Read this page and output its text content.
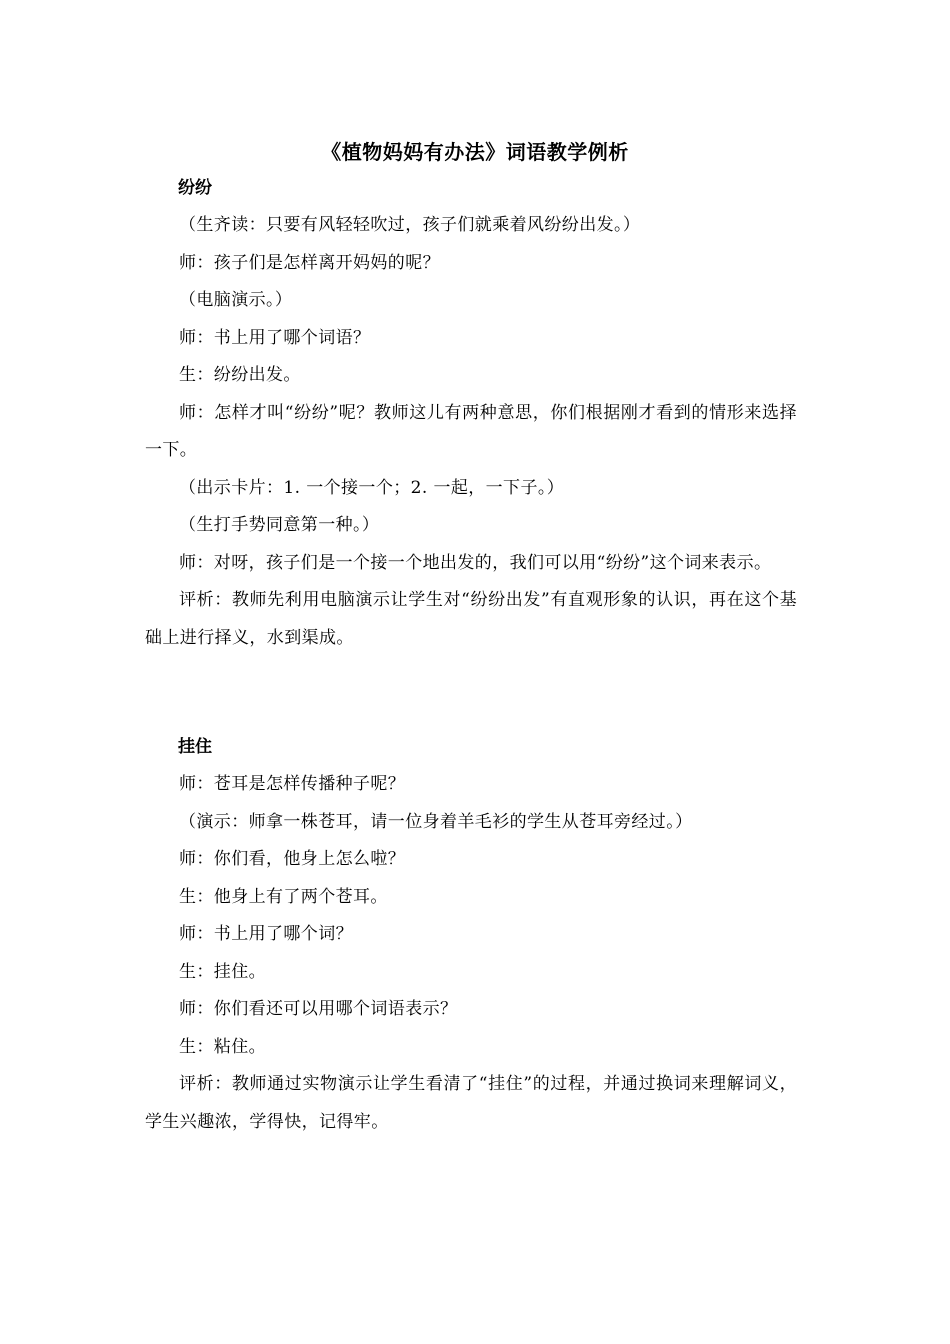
《植物妈妈有办法》词语教学例析
纷纷

（生齐读：只要有风轻轻吹过，孩子们就乘着风纷纷出发。）

师：孩子们是怎样离开妈妈的呢？

（电脑演示。）

师：书上用了哪个词语？

生：纷纷出发。

师：怎样才叫“纷纷”呢？教师这儿有两种意思，你们根据刚才看到的情形来选择一下。

（出示卡片：1. 一个接一个；2. 一起，一下子。）

（生打手势同意第一种。）

师：对呀，孩子们是一个接一个地出发的，我们可以用“纷纷”这个词来表示。

评析：教师先利用电脑演示让学生对“纷纷出发”有直观形象的认识，再在这个基础上进行择义，水到渠成。

挂住

师：苍耳是怎样传播种子呢？

（演示：师拿一株苍耳，请一位身着羊毛衫的学生从苍耳旁经过。）

师：你们看，他身上怎么啦？

生：他身上有了两个苍耳。

师：书上用了哪个词？

生：挂住。

师：你们看还可以用哪个词语表示？

生：粘住。

评析：教师通过实物演示让学生看清了“挂住”的过程，并通过换词来理解词义，学生兴趣浓，学得快，记得牢。
